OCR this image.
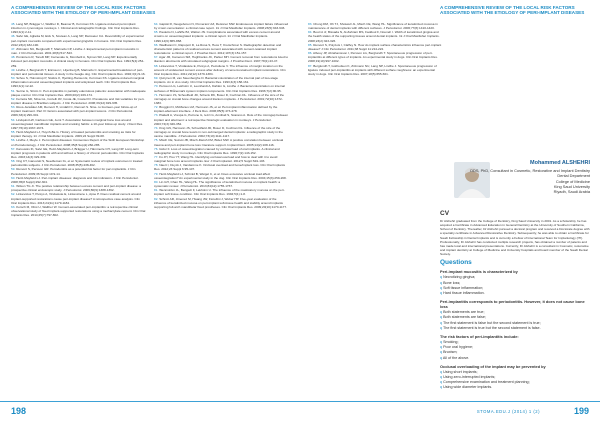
A COMPREHENSIVE REVIEW OF THE LOCAL RISK FACTORS ASSOCIATED WITH THE ETIOLOGY OF PERI-IMPLANT DISEASES

45. Lang NP, Brägger U, Walther D, Beamer B, Kornman KS. Ligature-induced peri-implant infection in cynomolgus monkeys. I. Clinical and radiographic findings. Clin Oral Implants Res. 1993;4(1):2-11.

46. Salvi GE, Aglietta M, Eick S, Sculean A, Lang NP, Ramseier CA. Reversibility of experimental peri-implant mucositis compared with experimental gingivitis in humans. Clin Oral Implants Res. 2012;23(2):182-190.

47. Zitzmann NU, Berglundh T, Marinello CP, Lindhe J. Experimental peri-implant mucositis in man. J Clin Periodontol. 2001;28(6):517-523.

48. Pontoriero R, Tonelli MP, Carnevale G, Mombelli A, Nyman SR, Lang NP. Experimentally induced peri-implant mucositis. A clinical study in humans. Clin Oral Implants Res. 1994;5(4):254-259.

49. Lindhe J, Berglundh T, Ericsson I, Liljenberg B, Marinello C. Experimental breakdown of peri-implant and periodontal tissues. A study in the beagle dog. Clin Oral Implants Res. 1992;3(1):9-16.

50. Schou S, Holmstrup P, Stoltze K, Hjørting-Hansen E, Kornman KS. Ligature-induced marginal inflammation around osseointegrated implants and ankylosed teeth. Clin Oral Implants Res. 1993;4(1):12-22.

51. Serino G, Ström C. Peri-implantitis in partially edentulous patients: association with inadequate plaque control. Clin Oral Implants Res. 2009;20(2):169-174.

52. Ferreira SD, Silva GL, Cortelli JR, Costa JE, Costa FO. Prevalence and risk variables for peri-implant disease in Brazilian subjects. J Clin Periodontol. 2006;33(12):929-935.

53. Roos-Jansåker AM, Renvert H, Lindahl C, Renvert S. Nine- to fourteen-year follow-up of implant treatment. Part III: factors associated with peri-implant lesions. J Clin Periodontol. 2006;33(4):296-301.

54. Lindquist LW, Carlsson GE, Jemt T. Association between marginal bone loss around osseointegrated mandibular implants and smoking habits: a 10-year follow-up study. J Dent Res. 1997;76(10):1667-1674.

55. Heitz-Mayfield LJ, Huynh-Ba G. History of treated periodontitis and smoking as risks for implant therapy. Int J Oral Maxillofac Implants. 2009;24 Suppl:39-68.

56. Lindhe J, Meyle J. Peri-implant diseases: Consensus Report of the Sixth European Workshop on Periodontology. J Clin Periodontol. 2008;35(8 Suppl):282-285.

57. Karoussis IK, Salvi GE, Heitz-Mayfield LJ, Brägger U, Hämmerle CH, Lang NP. Long-term implant prognosis in patients with and without a history of chronic periodontitis. Clin Oral Implants Res. 2003;14(3):329-339.

58. Ong CT, Ivanovski S, Needleman IG, et al. Systematic review of implant outcomes in treated periodontitis subjects. J Clin Periodontol. 2008;35(5):438-462.

59. Renvert S, Persson GR. Periodontitis as a potential risk factor for peri-implantitis. J Clin Periodontol. 2009;36 Suppl 10:9-14.

60. Heitz-Mayfield LJ. Peri-implant diseases: diagnosis and risk indicators. J Clin Periodontol. 2008;35(8 Suppl):292-304.

61. Wilson TG Jr. The positive relationship between excess cement and peri-implant disease: a prospective clinical endoscopic study. J Periodontol. 2009;80(9):1388-1392.

62. Linkevicius T, Puisys A, Vindasiute E, Linkeviciene L, Apse P. Does residual cement around implant-supported restorations cause peri-implant disease? A retrospective case analysis. Clin Oral Implants Res. 2013;24(11):1179-1184.

63. Korsch M, Obst U, Walther W. Cement-associated peri-implantitis: a retrospective clinical observational study of fixed implant-supported restorations using a methacrylate cement. Clin Oral Implants Res. 2014;25(7):797-802.

64. Gapski R, Neugeboren N, Pomeranz AZ, Reissner MW. Endosseous implant failure influenced by crown cementation: a clinical case report. Int J Oral Maxillofac Implants. 2008;23(5):943-946.

65. Pauletto N, Lahiffe BJ, Walton JN. Complications associated with excess cement around crowns on osseointegrated implants: a clinical report. Int J Oral Maxillofac Implants. 1999;14(6):865-868.

66. Wadhwani C, Rapoport D, La Rosa S, Hess T, Kretschmar S. Radiographic detection and characteristic patterns of residual excess cement associated with cement-retained implant restorations: a clinical report. J Prosthet Dent. 2012;107(3):151-157.

67. Agar JR, Cameron SM, Hughbanks JC, Parker MH. Cement removal from restorations luted to titanium abutments with simulated subgingival margins. J Prosthet Dent. 1997;78(1):43-47.

68. Linkevicius T, Vindasiute E, Puisys A, Peciuliene V. The influence of margin location on the amount of undetected cement excess after delivery of cement-retained implant restorations. Clin Oral Implants Res. 2011;22(12):1379-1384.

69. Quirynen M, van Steenberghe D. Bacterial colonization of the internal part of two-stage implants. An in vivo study. Clin Oral Implants Res. 1993;4(3):158-161.

70. Persson LG, Lekholm U, Leonhardt A, Dahlén G, Lindhe J. Bacterial colonization on internal surfaces of Brånemark system implant components. Clin Oral Implants Res. 1996;7(2):90-95.

71. Hermann JS, Schoolfield JD, Schenk RK, Buser D, Cochran DL. Influence of the size of the microgap on crestal bone changes around titanium implants. J Periodontol. 2001;72(10):1372-1383.

72. Broggini N, McManus LM, Hermann JS, et al. Peri-implant inflammation defined by the implant-abutment interface. J Dent Res. 2006;85(5):473-478.

73. Piattelli A, Vrespa G, Petrone G, Iezzi G, Annibali S, Scarano A. Role of the microgap between implant and abutment: a retrospective histologic evaluation in monkeys. J Periodontol. 2003;74(3):346-352.

74. King GN, Hermann JS, Schoolfield JD, Buser D, Cochran DL. Influence of the size of the microgap on crestal bone levels in non-submerged dental implants: a radiographic study in the canine mandible. J Periodontol. 2002;73(10):1111-1117.

75. Misch CE, Suzuki JB, Misch-Dietsh FM, Bidez MW. A positive correlation between occlusal trauma and peri-implant bone loss: literature support. Implant Dent. 2005;14(2):108-116.

76. Isidor F. Loss of osseointegration caused by occlusal load of oral implants. A clinical and radiographic study in monkeys. Clin Oral Implants Res. 1996;7(2):143-152.

77. Fu JH, Hsu YT, Wang HL. Identifying occlusal overload and how to deal with it to avoid marginal bone loss around implants. Eur J Oral Implantol. 2012;5 Suppl:S91-103.

78. Naert I, Duyck J, Vandamme K. Occlusal overload and bone/implant loss. Clin Oral Implants Res. 2012;23 Suppl 6:95-107.

79. Heitz-Mayfield LJ, Schmid B, Weigel C, et al. Does excessive occlusal load affect osseointegration? An experimental study in the dog. Clin Oral Implants Res. 2004;15(3):259-268.

80. Lin GH, Chan HL, Wang HL. The significance of keratinized mucosa on implant health: a systematic review. J Periodontol. 2013;84(12):1755-1767.

81. Wennström JL, Bengazi F, Lekholm U. The influence of the masticatory mucosa on the peri-implant soft tissue condition. Clin Oral Implants Res. 1994;5(1):1-8.

82. Schrott AR, Jimenez M, Hwang JW, Fiorellini J, Weber HP. Five-year evaluation of the influence of keratinized mucosa on peri-implant soft-tissue health and stability around implants supporting full-arch mandibular fixed prostheses. Clin Oral Implants Res. 2009;20(10):1170-1177.

198
A COMPREHENSIVE REVIEW OF THE LOCAL RISK FACTORS ASSOCIATED WITH THE ETIOLOGY OF PERI-IMPLANT DISEASES

83. Chung DM, Oh TJ, Shotwell JL, Misch CE, Wang HL. Significance of keratinized mucosa in maintenance of dental implants with different surfaces. J Periodontol. 2006;77(8):1410-1420.

84. Bouri A Jr, Bissada N, Al-Zahrani MS, Faddoul F, Nouneh I. Width of keratinized gingiva and the health status of the supporting tissues around dental implants. Int J Oral Maxillofac Implants. 2008;23(2):323-326.

85. Renvert S, Polyzois I, Claffey N. How do implant surface characteristics influence peri-implant disease? J Clin Periodontol. 2011;38 Suppl 11:214-222.

86. Albouy JP, Abrahamsson I, Persson LG, Berglundh T. Spontaneous progression of peri-implantitis at different types of implants. An experimental study in dogs. Clin Oral Implants Res. 2008;19(10):997-1002.

87. Berglundh T, Gotfredsen K, Zitzmann NU, Lang NP, Lindhe J. Spontaneous progression of ligature induced peri-implantitis at implants with different surface roughness: an experimental study in dogs. Clin Oral Implants Res. 2007;18(5):655-661.

Mohammed ALSHEHRI
DDS, PhD, Consultant in Cosmetic, Restorative and Implant Dentistry
Dental Department
College of Medicine
King Saud University
Riyadh, Saudi Arabia

CV

Dr Alshehri graduated from the College of Dentistry, King Saud University in 2001. As a scholarship, he has acquired a Certificate in Advanced Education in General Dentistry at the University of Southern California, School of Dentistry. Thereafter, Dr Alshehri pursued a doctoral program and received a Doctorate degree with a specialty certificate in Advanced Restorative Dentistry. Subsequently, he was able to obtain a Certificate for Saudi Fellowship in Dental Implants and is currently a Fellow of International Team for Implantology (ITI). Professionally, Dr Alshehri has conducted multiple research projects, has obtained a number of patents and has made local and international presentations. Currently, Dr Alshehri is a consultant in Cosmetic, restorative and implant dentistry at College of Medicine and University hospitals and board member of the Saudi Dental Society.

Questions

Peri-implant mucositis is characterized by

q Necrotizing gingiva;

q Bone loss;

q Soft tissue inflammation;

q Hard tissue inflammation.

Peri-implantitis corresponds to periodontitis. However, it does not cause bone loss

q Both statements are true;

q Both statements are false;

q The first statement is false but the second statement is true;

q The first statement is true but the second statement is false.

The risk factors of peri-implantitis include:

q Smoking;

q Poor oral hygiene;

q Bruxism;

q All of the above.

Occlusal overloading of the implant may be prevented by

q Using short implants;

q Using zero-interrupted implants;

q Comprehensive examination and treatment planning;

q Using wide diameter implants.

STOMA.EDU.J (2014) 1 (2)	199
